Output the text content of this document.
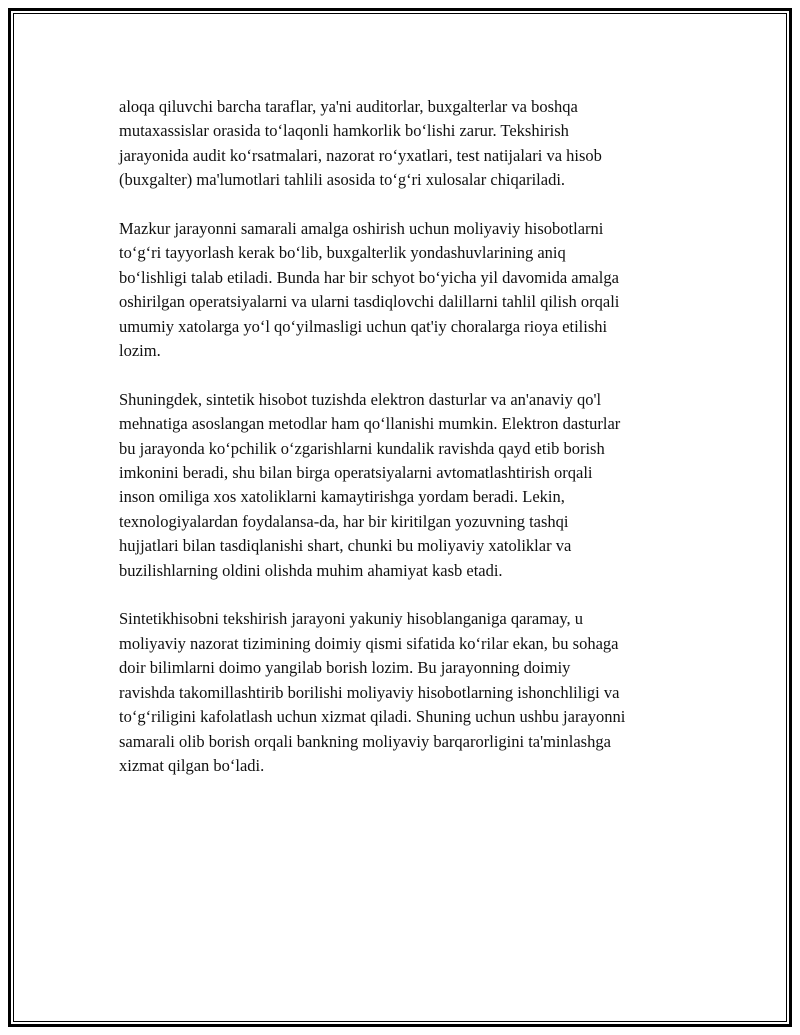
aloqa qiluvchi barcha taraflar, ya'ni auditorlar, buxgalterlar va boshqa
mutaxassislar orasida to‘laqonli hamkorlik bo‘lishi zarur. Tekshirish
jarayonida audit ko‘rsatmalari, nazorat ro‘yxatlari, test natijalari va hisob
(buxgalter) ma'lumotlari tahlili asosida to‘g‘ri xulosalar chiqariladi.

Mazkur jarayonni samarali amalga oshirish uchun moliyaviy hisobotlarni
to‘g‘ri tayyorlash kerak bo‘lib, buxgalterlik yondashuvlarining aniq
bo‘lishligi talab etiladi. Bunda har bir schyot bo‘yicha yil davomida amalga
oshirilgan operatsiyalarni va ularni tasdiqlovchi dalillarni tahlil qilish orqali
umumiy xatolarga yo‘l qo‘yilmasligi uchun qat'iy choralarga rioya etilishi
lozim.

Shuningdek, sintetik hisobot tuzishda elektron dasturlar va an'anaviy qo'l
mehnatiga asoslangan metodlar ham qo‘llanishi mumkin. Elektron dasturlar
bu jarayonda ko‘pchilik o‘zgarishlarni kundalik ravishda qayd etib borish
imkonini beradi, shu bilan birga operatsiyalarni avtomatlashtirish orqali
inson omiliga xos xatoliklarni kamaytirishga yordam beradi. Lekin,
texnologiyalardan foydalansa-da, har bir kiritilgan yozuvning tashqi
hujjatlari bilan tasdiqlanishi shart, chunki bu moliyaviy xatoliklar va
buzilishlarning oldini olishda muhim ahamiyat kasb etadi.

Sintetikhisobni tekshirish jarayoni yakuniy hisoblanganiga qaramay, u
moliyaviy nazorat tizimining doimiy qismi sifatida ko‘rilar ekan, bu sohaga
doir bilimlarni doimo yangilab borish lozim. Bu jarayonning doimiy
ravishda takomillashtirib borilishi moliyaviy hisobotlarning ishonchliligi va
to‘g‘riligini kafolatlash uchun xizmat qiladi. Shuning uchun ushbu jarayonni
samarali olib borish orqali bankning moliyaviy barqarorligini ta'minlashga
xizmat qilgan bo‘ladi.
